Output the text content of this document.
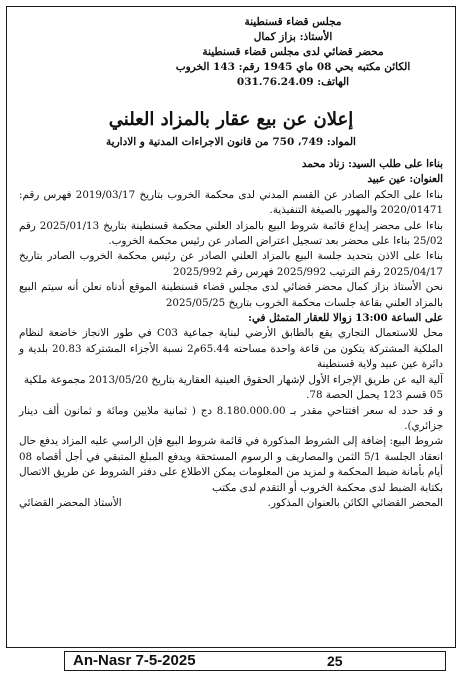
مجلس قضاء قسنطينة
الأستاذ: بزاز كمال
محضر قضائي لدى مجلس قضاء قسنطينة
الكائن مكتبه بحي 08 ماي 1945 رقم: 143 الخروب
الهاتف: 031.76.24.09
إعلان عن بيع عقار بالمزاد العلني
المواد: 749، 750 من قانون الاجراءات المدنية و الادارية

بناءا على طلب السيد: زناد محمد

العنوان: عين عبيد

بناءا على الحكم الصادر عن القسم المدني لدى محكمة الخروب بتاريخ 2019/03/17 فهرس رقم: 2020/01471 والمهور بالصيغة التنفيذية.

بناءا على محضر إيداع قائمة شروط البيع بالمزاد العلني محكمة قسنطينة بتاريخ 2025/01/13 رقم 25/02 بناءا على محضر بعد تسجيل اعتراض الصادر عن رئيس محكمة الخروب.

بناءا على الاذن بتحديد جلسة البيع بالمزاد العلني الصادر عن رئيس محكمة الخروب الصادر بتاريخ 2025/04/17 رقم الترتيب 2025/992 فهرس رقم 2025/992

نحن الأستاذ بزاز كمال محضر قضائي لدى مجلس قضاء قسنطينة الموقع أدناه نعلن أنه سيتم البيع بالمزاد العلني بقاعة جلسات محكمة الخروب بتاريخ 2025/05/25

على الساعة 13:00 زوالا للعقار المتمثل في:

محل للاستعمال التجاري يقع بالطابق الأرضي لبناية جماعية C03 في طور الانجاز خاضعة لنظام الملكية المشتركة يتكون من قاعة واحدة مساحته 65.44م2 نسبة الأجزاء المشتركة 20.83 بلدية و دائرة عين عبيد ولاية قسنطينة

آلية اليه عن طريق الإجراء الأول لإشهار الحقوق العينية العقارية بتاريخ 2013/05/20 مجموعة ملكية

05 قسم 123 يحمل الحصة 78.

و قد حدد له سعر افتتاحي مقدر بـ 8.180.000.00 دج ( ثمانية ملايين ومائة و ثمانون ألف دينار جزائري).

شروط البيع: إضافة إلى الشروط المذكورة في قائمة شروط البيع فإن الراسي عليه المزاد يدفع حال انعقاد الجلسة 5/1 الثمن والمصاريف و الرسوم المستحقة ويدفع المبلغ المتبقي في أجل أقصاه 08 أيام بأمانة ضبط المحكمة و لمزيد من المعلومات يمكن الاطلاع على دفتر الشروط عن طريق الاتصال بكتابة الضبط لدى محكمة الخروب أو التقدم لدى مكتب

المحضر القضائي الكائن بالعنوان المذكور.
الأستاذ المحضر القضائي
An-Nasr 7-5-2025	25
